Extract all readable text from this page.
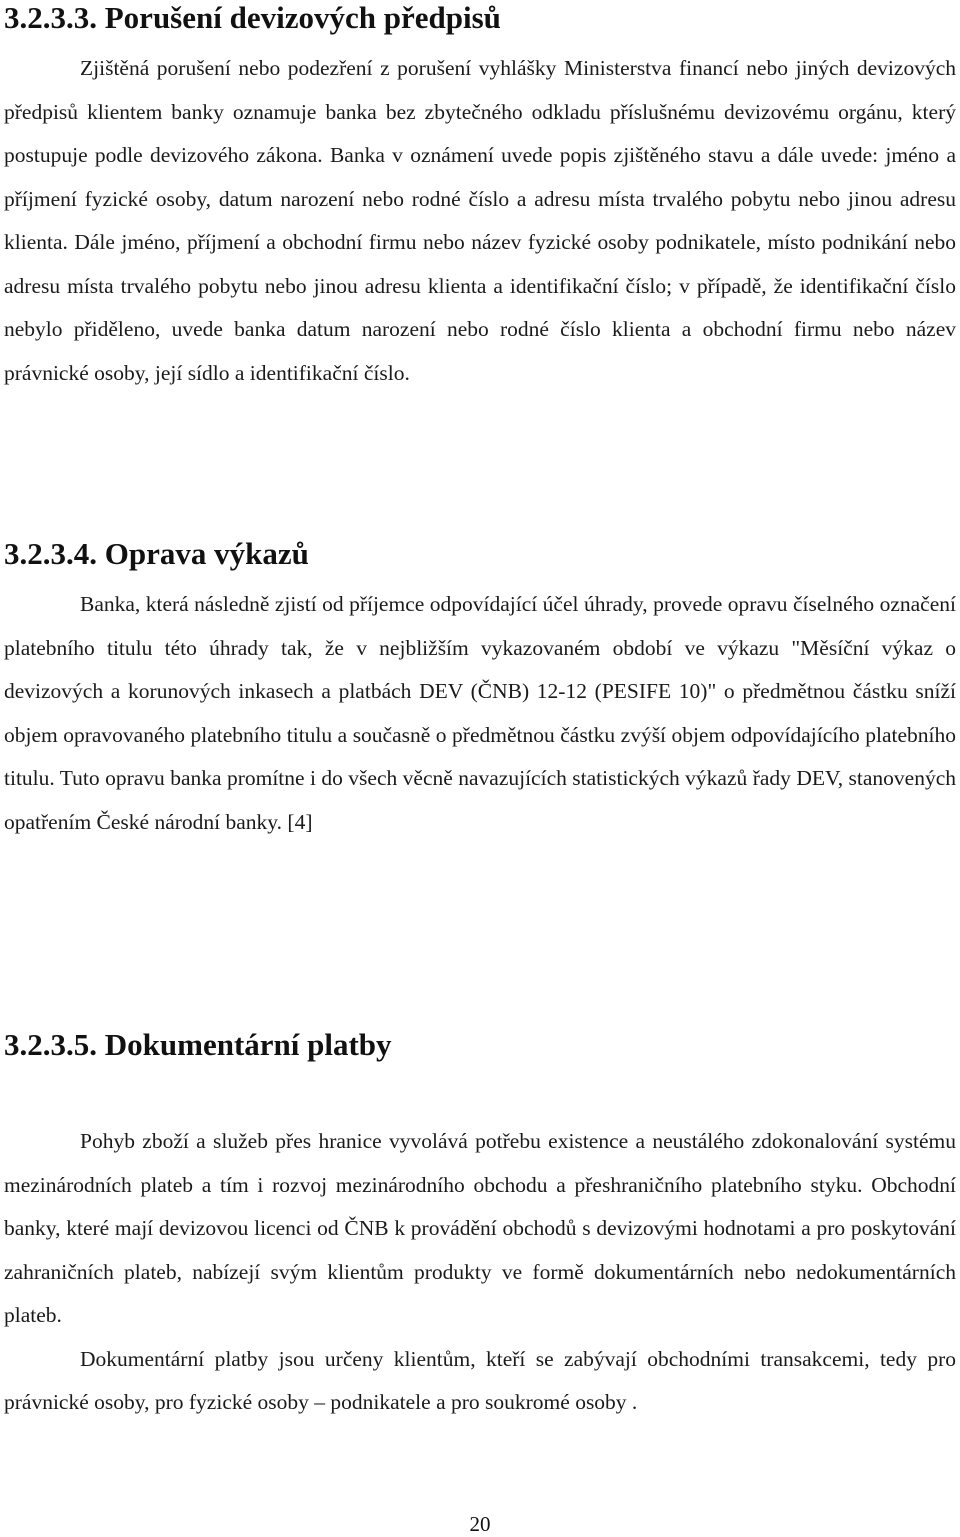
3.2.3.3. Porušení devizových předpisů

Zjištěná porušení nebo podezření z porušení vyhlášky Ministerstva financí nebo jiných devizových předpisů klientem banky oznamuje banka bez zbytečného odkladu příslušnému devizovému orgánu, který postupuje podle devizového zákona. Banka v oznámení uvede popis zjištěného stavu a dále uvede: jméno a příjmení fyzické osoby, datum narození nebo rodné číslo a adresu místa trvalého pobytu nebo jinou adresu klienta. Dále jméno, příjmení a obchodní firmu nebo název fyzické osoby podnikatele, místo podnikání nebo adresu místa trvalého pobytu nebo jinou adresu klienta a identifikační číslo; v případě, že identifikační číslo nebylo přiděleno, uvede banka datum narození nebo rodné číslo klienta a obchodní firmu nebo název právnické osoby, její sídlo a identifikační číslo.

3.2.3.4. Oprava výkazů

Banka, která následně zjistí od příjemce odpovídající účel úhrady, provede opravu číselného označení platebního titulu této úhrady tak, že v nejbližším vykazovaném období ve výkazu "Měsíční výkaz o devizových a korunových inkasech a platbách DEV (ČNB) 12-12 (PESIFE 10)" o předmětnou částku sníží objem opravovaného platebního titulu a současně o předmětnou částku zvýší objem odpovídajícího platebního titulu. Tuto opravu banka promítne i do všech věcně navazujících statistických výkazů řady DEV, stanovených opatřením České národní banky. [4]

3.2.3.5. Dokumentární platby

Pohyb zboží a služeb přes hranice vyvolává potřebu existence a neustálého zdokonalování systému mezinárodních plateb a tím i rozvoj mezinárodního obchodu a přeshraničního platebního styku. Obchodní banky, které mají devizovou licenci od ČNB k provádění obchodů s devizovými hodnotami a pro poskytování zahraničních plateb, nabízejí svým klientům produkty ve formě dokumentárních nebo nedokumentárních plateb.

Dokumentární platby jsou určeny klientům, kteří se zabývají obchodními transakcemi, tedy pro právnické osoby, pro fyzické osoby – podnikatele a pro soukromé osoby .

20
